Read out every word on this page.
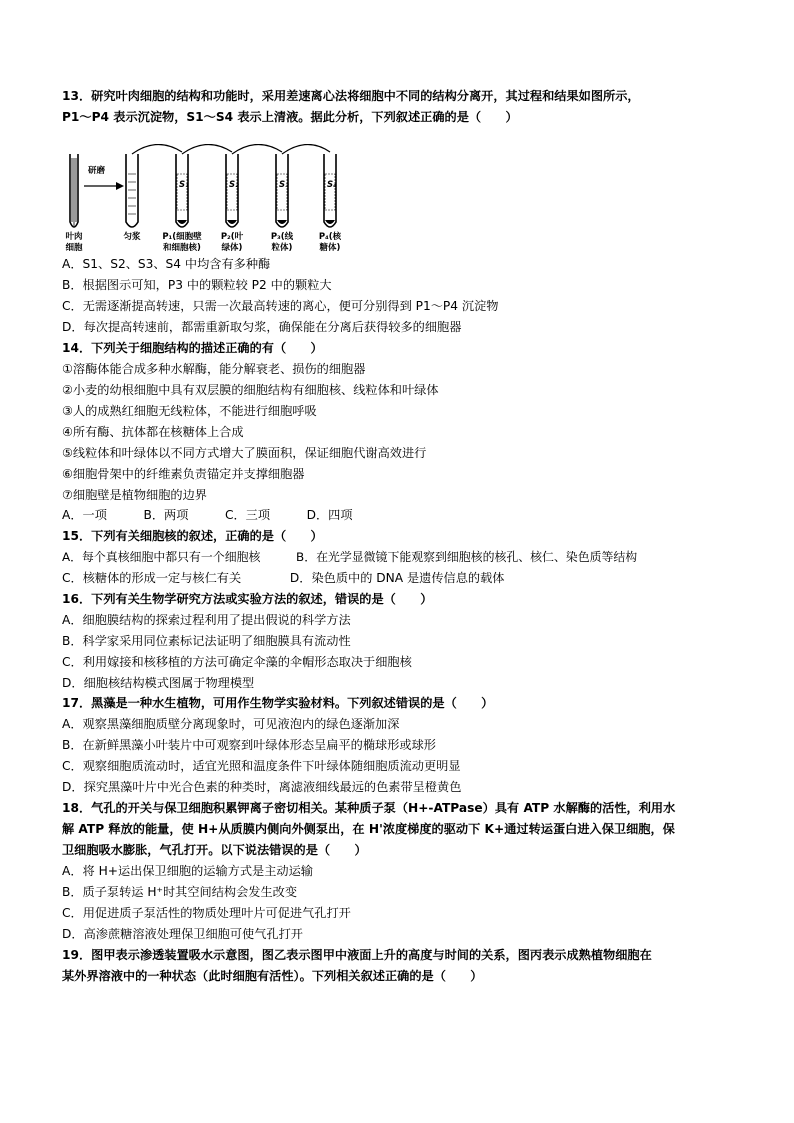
13．研究叶肉细胞的结构和功能时，采用差速离心法将细胞中不同的结构分离开，其过程和结果如图所示，
P1～P4 表示沉淀物，S1～S4 表示上清液。据此分析，下列叙述正确的是（　　）
研磨
S₁	S₂	S₃	S₄
叶肉
细胞
匀浆	P₁(细胞壁
和细胞核)
P₂(叶
绿体)
P₃(线
粒体)
P₄(核
糖体)
A．S1、S2、S3、S4 中均含有多种酶
B．根据图示可知，P3 中的颗粒较 P2 中的颗粒大
C．无需逐渐提高转速，只需一次最高转速的离心，便可分别得到 P1～P4 沉淀物
D．每次提高转速前，都需重新取匀浆，确保能在分离后获得较多的细胞器
14．下列关于细胞结构的描述正确的有（　　）
①溶酶体能合成多种水解酶，能分解衰老、损伤的细胞器
②小麦的幼根细胞中具有双层膜的细胞结构有细胞核、线粒体和叶绿体
③人的成熟红细胞无线粒体，不能进行细胞呼吸
④所有酶、抗体都在核糖体上合成
⑤线粒体和叶绿体以不同方式增大了膜面积，保证细胞代谢高效进行
⑥细胞骨架中的纤维素负责锚定并支撑细胞器
⑦细胞壁是植物细胞的边界
A．一项　　　B．两项　　　C．三项　　　D．四项
15．下列有关细胞核的叙述，正确的是（　　）
A．每个真核细胞中都只有一个细胞核　　　B．在光学显微镜下能观察到细胞核的核孔、核仁、染色质等结构
C．核糖体的形成一定与核仁有关　　　　D．染色质中的 DNA 是遗传信息的载体
16．下列有关生物学研究方法或实验方法的叙述，错误的是（　　）
A．细胞膜结构的探索过程利用了提出假说的科学方法
B．科学家采用同位素标记法证明了细胞膜具有流动性
C．利用嫁接和核移植的方法可确定伞藻的伞帽形态取决于细胞核
D．细胞核结构模式图属于物理模型
17．黑藻是一种水生植物，可用作生物学实验材料。下列叙述错误的是（　　）
A．观察黑藻细胞质壁分离现象时，可见液泡内的绿色逐渐加深
B．在新鲜黑藻小叶装片中可观察到叶绿体形态呈扁平的椭球形或球形
C．观察细胞质流动时，适宜光照和温度条件下叶绿体随细胞质流动更明显
D．探究黑藻叶片中光合色素的种类时，离滤液细线最远的色素带呈橙黄色
18．气孔的开关与保卫细胞积累钾离子密切相关。某种质子泵（H+-ATPase）具有 ATP 水解酶的活性，利用水
解 ATP 释放的能量，使 H+从质膜内侧向外侧泵出，在 H'浓度梯度的驱动下 K+通过转运蛋白进入保卫细胞，保
卫细胞吸水膨胀，气孔打开。以下说法错误的是（　　）
A．将 H+运出保卫细胞的运输方式是主动运输
B．质子泵转运 H⁺时其空间结构会发生改变
C．用促进质子泵活性的物质处理叶片可促进气孔打开
D．高渗蔗糖溶液处理保卫细胞可使气孔打开
19．图甲表示渗透装置吸水示意图，图乙表示图甲中液面上升的高度与时间的关系，图丙表示成熟植物细胞在
某外界溶液中的一种状态（此时细胞有活性）。下列相关叙述正确的是（　　）
